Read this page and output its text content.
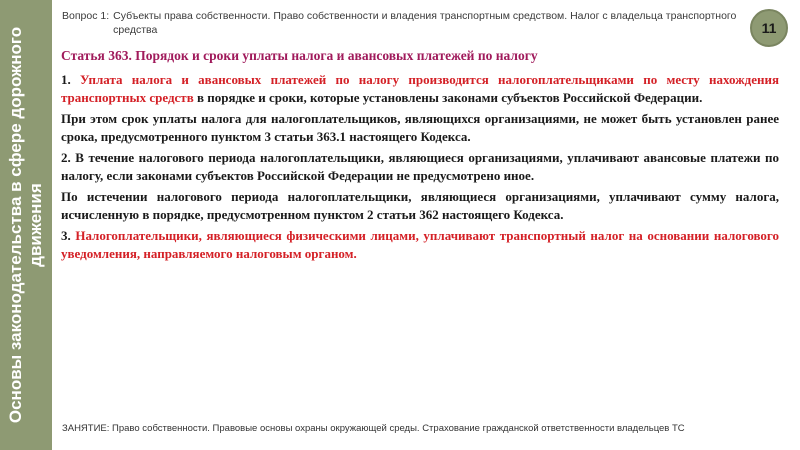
Основы законодательства в сфере дорожного движения
Вопрос 1: Субъекты права собственности. Право собственности и владения транспортным средством. Налог с владельца транспортного средства	11

Статья 363. Порядок и сроки уплаты налога и авансовых платежей по налогу

1. Уплата налога и авансовых платежей по налогу производится налогоплательщиками по месту нахождения транспортных средств в порядке и сроки, которые установлены законами субъектов Российской Федерации.

При этом срок уплаты налога для налогоплательщиков, являющихся организациями, не может быть установлен ранее срока, предусмотренного пунктом 3 статьи 363.1 настоящего Кодекса.

2. В течение налогового периода налогоплательщики, являющиеся организациями, уплачивают авансовые платежи по налогу, если законами субъектов Российской Федерации не предусмотрено иное.

По истечении налогового периода налогоплательщики, являющиеся организациями, уплачивают сумму налога, исчисленную в порядке, предусмотренном пунктом 2 статьи 362 настоящего Кодекса.

3. Налогоплательщики, являющиеся физическими лицами, уплачивают транспортный налог на основании налогового уведомления, направляемого налоговым органом.

ЗАНЯТИЕ: Право собственности. Правовые основы охраны окружающей среды. Страхование гражданской ответственности владельцев ТС
